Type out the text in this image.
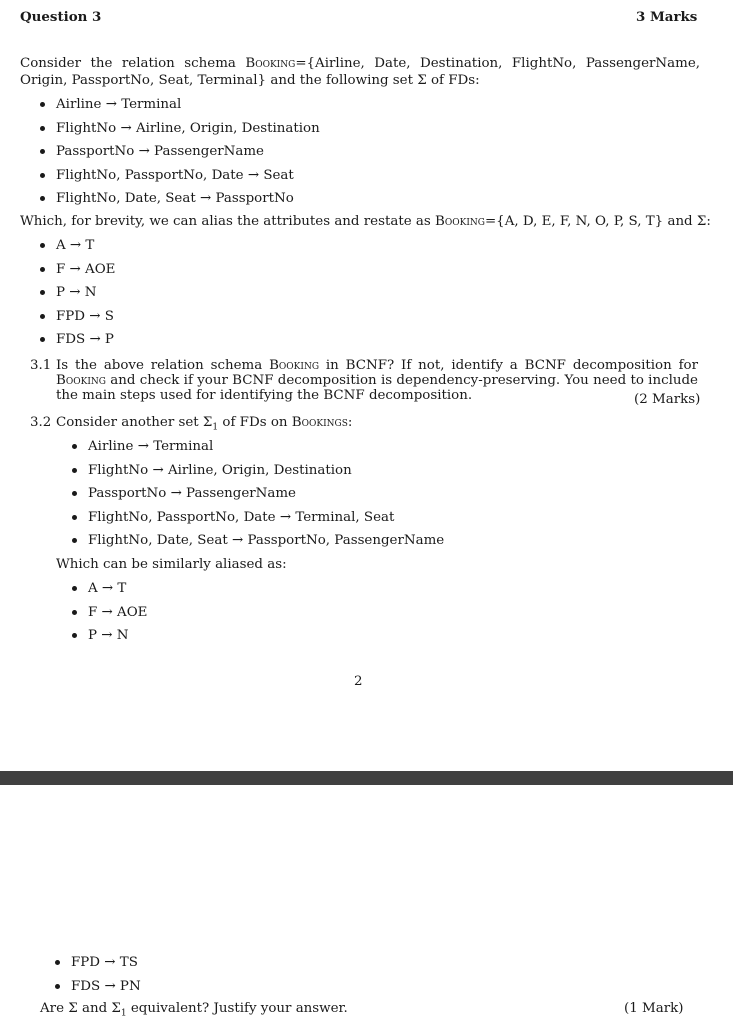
Question 3	3 Marks
Consider the relation schema Booking={Airline, Date, Destination, FlightNo, PassengerName, Origin, PassportNo, Seat, Terminal} and the following set Σ of FDs:
Airline → Terminal
FlightNo → Airline, Origin, Destination
PassportNo → PassengerName
FlightNo, PassportNo, Date → Seat
FlightNo, Date, Seat → PassportNo
Which, for brevity, we can alias the attributes and restate as Booking={A, D, E, F, N, O, P, S, T} and Σ:
A → T
F → AOE
P → N
FPD → S
FDS → P
3.1 Is the above relation schema Booking in BCNF? If not, identify a BCNF decomposition for Booking and check if your BCNF decomposition is dependency-preserving. You need to include the main steps used for identifying the BCNF decomposition.	(2 Marks)
3.2 Consider another set $\Sigma_1$ of FDs on Bookings:
Airline → Terminal
FlightNo → Airline, Origin, Destination
PassportNo → PassengerName
FlightNo, PassportNo, Date → Terminal, Seat
FlightNo, Date, Seat → PassportNo, PassengerName
Which can be similarly aliased as:
A → T
F → AOE
P → N
2
FPD → TS
FDS → PN
Are Σ and $\Sigma_1$ equivalent? Justify your answer.	(1 Mark)
